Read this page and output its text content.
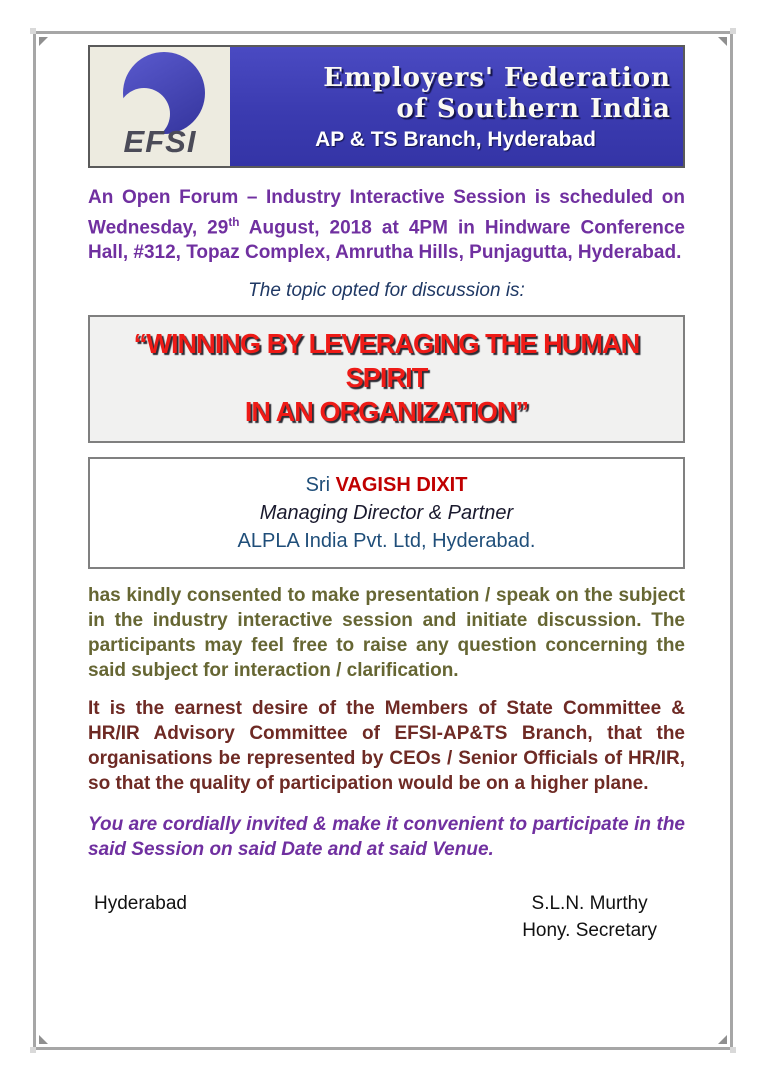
EFSI
Employers' Federation
of Southern India
AP & TS Branch, Hyderabad

An Open Forum – Industry Interactive Session is scheduled on Wednesday, 29th August, 2018 at 4PM in Hindware Conference Hall, #312, Topaz Complex, Amrutha Hills, Punjagutta, Hyderabad.

The topic opted for discussion is:
“WINNING BY LEVERAGING THE HUMAN SPIRIT
IN AN ORGANIZATION”
Sri VAGISH DIXIT
Managing Director & Partner
ALPLA India Pvt. Ltd, Hyderabad.

has kindly consented to make presentation / speak on the subject in the industry interactive session and initiate discussion. The participants may feel free to raise any question concerning the said subject for interaction / clarification.

It is the earnest desire of the Members of State Committee & HR/IR Advisory Committee of EFSI-AP&TS Branch, that the organisations be represented by CEOs / Senior Officials of HR/IR, so that the quality of participation would be on a higher plane.

You are cordially invited & make it convenient to participate in the said Session on said Date and at said Venue.

Hyderabad	S.L.N. Murthy
Hony. Secretary
